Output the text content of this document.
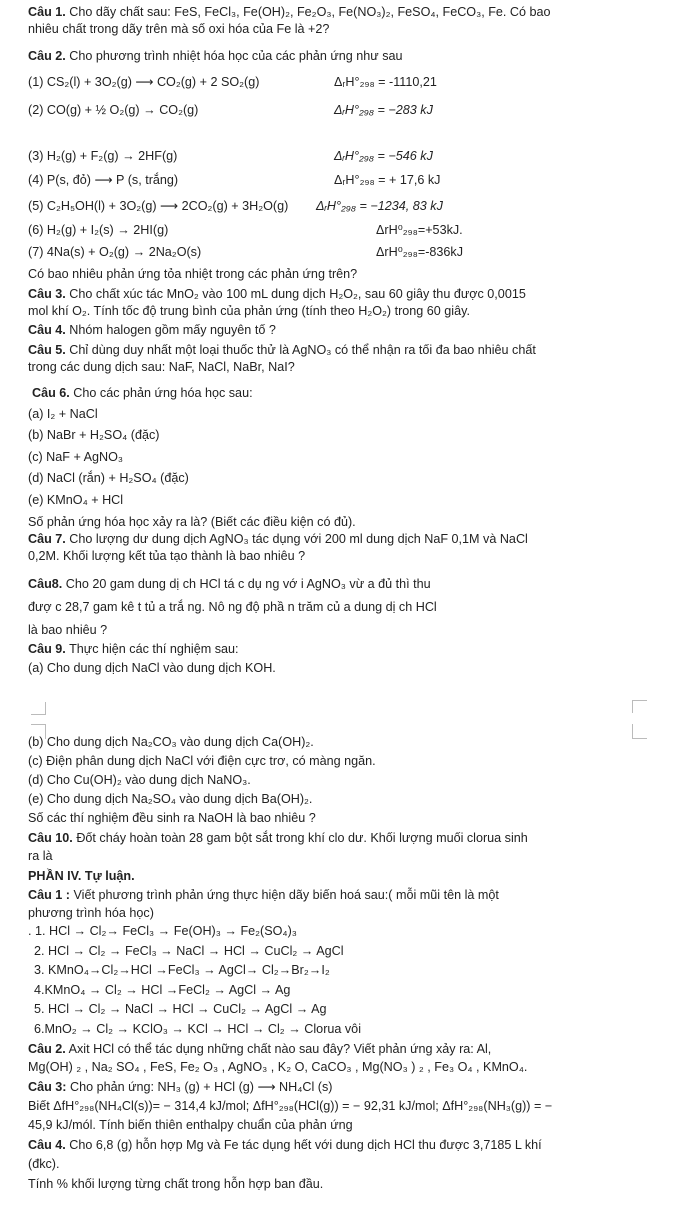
Câu 1. Cho dãy chất sau: FeS, FeCl₃, Fe(OH)₂, Fe₂O₃, Fe(NO₃)₂, FeSO₄, FeCO₃, Fe. Có bao
nhiêu chất trong dãy trên mà số oxi hóa của Fe là +2?
Câu 2. Cho phương trình nhiệt hóa học của các phản ứng như sau
(1) CS₂(l) + 3O₂(g) ⟶ CO₂(g) + 2 SO₂(g)	ΔᵣH°₂₉₈ = -1110,21
(2) CO(g) + ½ O₂(g) → CO₂(g)	ΔᵣH°₂₉₈ = −283 kJ
(3) H₂(g) + F₂(g) → 2HF(g)	ΔᵣH°₂₉₈ = −546 kJ
(4) P(s, đỏ) ⟶ P (s, trắng)	ΔᵣH°₂₉₈ = + 17,6 kJ
(5) C₂H₅OH(l) + 3O₂(g) ⟶ 2CO₂(g) + 3H₂O(g)	ΔᵣH°₂₉₈ = −1234, 83 kJ
(6) H₂(g) + I₂(s) → 2HI(g)	ΔrH⁰₂₉₈=+53kJ.
(7) 4Na(s) + O₂(g) → 2Na₂O(s)	ΔrH⁰₂₉₈=-836kJ
Có bao nhiêu phản ứng tỏa nhiệt trong các phản ứng trên?
Câu 3. Cho chất xúc tác MnO₂ vào 100 mL dung dịch H₂O₂, sau 60 giây thu được 0,0015
mol khí O₂. Tính tốc độ trung bình của phản ứng (tính theo H₂O₂) trong 60 giây.
Câu 4. Nhóm halogen gồm mấy nguyên tố ?
Câu 5. Chỉ dùng duy nhất một loại thuốc thử là AgNO₃ có thể nhận ra tối đa bao nhiêu chất
trong các dung dịch sau: NaF, NaCl, NaBr, NaI?
Câu 6. Cho các phản ứng hóa học sau:
(a) I₂ + NaCl
(b) NaBr + H₂SO₄ (đặc)
(c) NaF + AgNO₃
(d) NaCl (rắn) + H₂SO₄ (đặc)
(e) KMnO₄ + HCl
Số phản ứng hóa học xảy ra là? (Biết các điều kiện có đủ).
Câu 7. Cho lượng dư dung dịch AgNO₃ tác dụng với 200 ml dung dịch NaF 0,1M và NaCl
0,2M. Khối lượng kết tủa tạo thành là bao nhiêu ?
Câu8. Cho 20 gam dung dị ch HCl tá c dụ ng vớ i AgNO₃ vừ a đủ thì thu
đượ c 28,7 gam kê t tủ a trắ ng. Nô ng độ phầ n trăm củ a dung dị ch HCl
là bao nhiêu ?
Câu 9. Thực hiện các thí nghiệm sau:
(a) Cho dung dịch NaCl vào dung dịch KOH.
(b) Cho dung dịch Na₂CO₃ vào dung dịch Ca(OH)₂.
(c) Điện phân dung dịch NaCl với điện cực trơ, có màng ngăn.
(d) Cho Cu(OH)₂ vào dung dịch NaNO₃.
(e) Cho dung dịch Na₂SO₄ vào dung dịch Ba(OH)₂.
Số các thí nghiệm đều sinh ra NaOH là bao nhiêu ?
Câu 10. Đốt cháy hoàn toàn 28 gam bột sắt trong khí clo dư. Khối lượng muối clorua sinh
ra là
PHẦN IV. Tự luận.
Câu 1 : Viết phương trình phản ứng thực hiện dãy biến hoá sau:( mỗi mũi tên là một
phương trình hóa học)
. 1. HCl → Cl₂→ FeCl₃ → Fe(OH)₃ → Fe₂(SO₄)₃
2. HCl → Cl₂ → FeCl₃ → NaCl → HCl → CuCl₂ → AgCl
3. KMnO₄→Cl₂→HCl →FeCl₃ → AgCl→ Cl₂→Br₂→I₂
4.KMnO₄ → Cl₂ → HCl →FeCl₂ → AgCl → Ag
5. HCl → Cl₂ → NaCl → HCl → CuCl₂ → AgCl → Ag
6.MnO₂ → Cl₂ → KClO₃ → KCl → HCl → Cl₂ → Clorua vôi
Câu 2. Axit HCl có thể tác dụng những chất nào sau đây? Viết phản ứng xảy ra: Al,
Mg(OH) ₂ , Na₂ SO₄ , FeS, Fe₂ O₃ , AgNO₃ , K₂ O, CaCO₃ , Mg(NO₃ ) ₂ , Fe₃ O₄ , KMnO₄.
Câu 3: Cho phản ứng: NH₃ (g) + HCl (g) ⟶ NH₄Cl (s)
Biết ΔfH°₂₉₈(NH₄Cl(s))= − 314,4 kJ/mol; ΔfH°₂₉₈(HCl(g)) = − 92,31 kJ/mol; ΔfH°₂₉₈(NH₃(g)) = −
45,9 kJ/mól. Tính biến thiên enthalpy chuẩn của phản ứng
Câu 4. Cho 6,8 (g) hỗn hợp Mg và Fe tác dụng hết với dung dịch HCl thu được 3,7185 L khí
(đkc).
Tính % khối lượng từng chất trong hỗn hợp ban đầu.
